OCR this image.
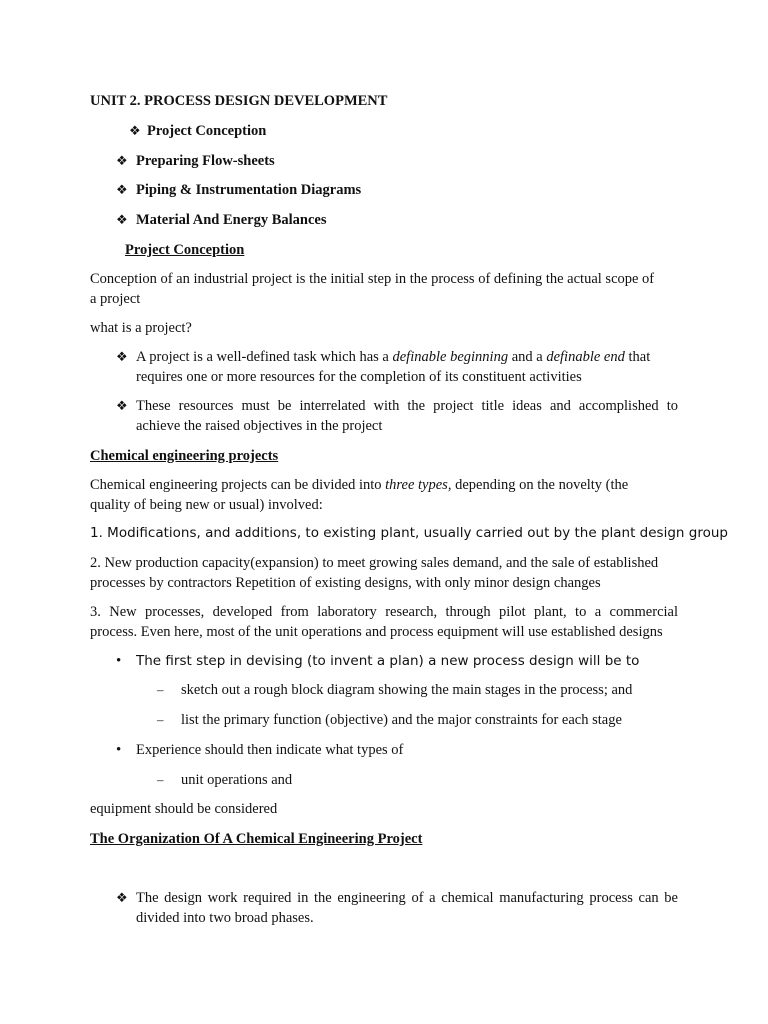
UNIT 2. PROCESS DESIGN DEVELOPMENT
❖ Project Conception
❖ Preparing Flow-sheets
❖ Piping & Instrumentation Diagrams
❖ Material And Energy Balances
Project Conception
Conception of an industrial project is the initial step in the process of defining the actual scope of
a project
what is a project?
❖ A project is a well-defined task which has a definable beginning and a definable end that
requires one or more resources for the completion of its constituent activities
❖ These resources must be interrelated with the project title ideas and accomplished to
achieve the raised objectives in the project
Chemical engineering projects
Chemical engineering projects can be divided into three types, depending on the novelty (the
quality of being new or usual) involved:
1. Modifications, and additions, to existing plant, usually carried out by the plant design group
2. New production capacity(expansion) to meet growing sales demand, and the sale of established
processes by contractors Repetition of existing designs, with only minor design changes
3. New processes, developed from laboratory research, through pilot plant, to a commercial
process. Even here, most of the unit operations and process equipment will use established designs
• The first step in devising (to invent a plan) a new process design will be to
– sketch out a rough block diagram showing the main stages in the process; and
– list the primary function (objective) and the major constraints for each stage
• Experience should then indicate what types of
– unit operations and
equipment should be considered
The Organization Of A Chemical Engineering Project
❖ The design work required in the engineering of a chemical manufacturing process can be
divided into two broad phases.
